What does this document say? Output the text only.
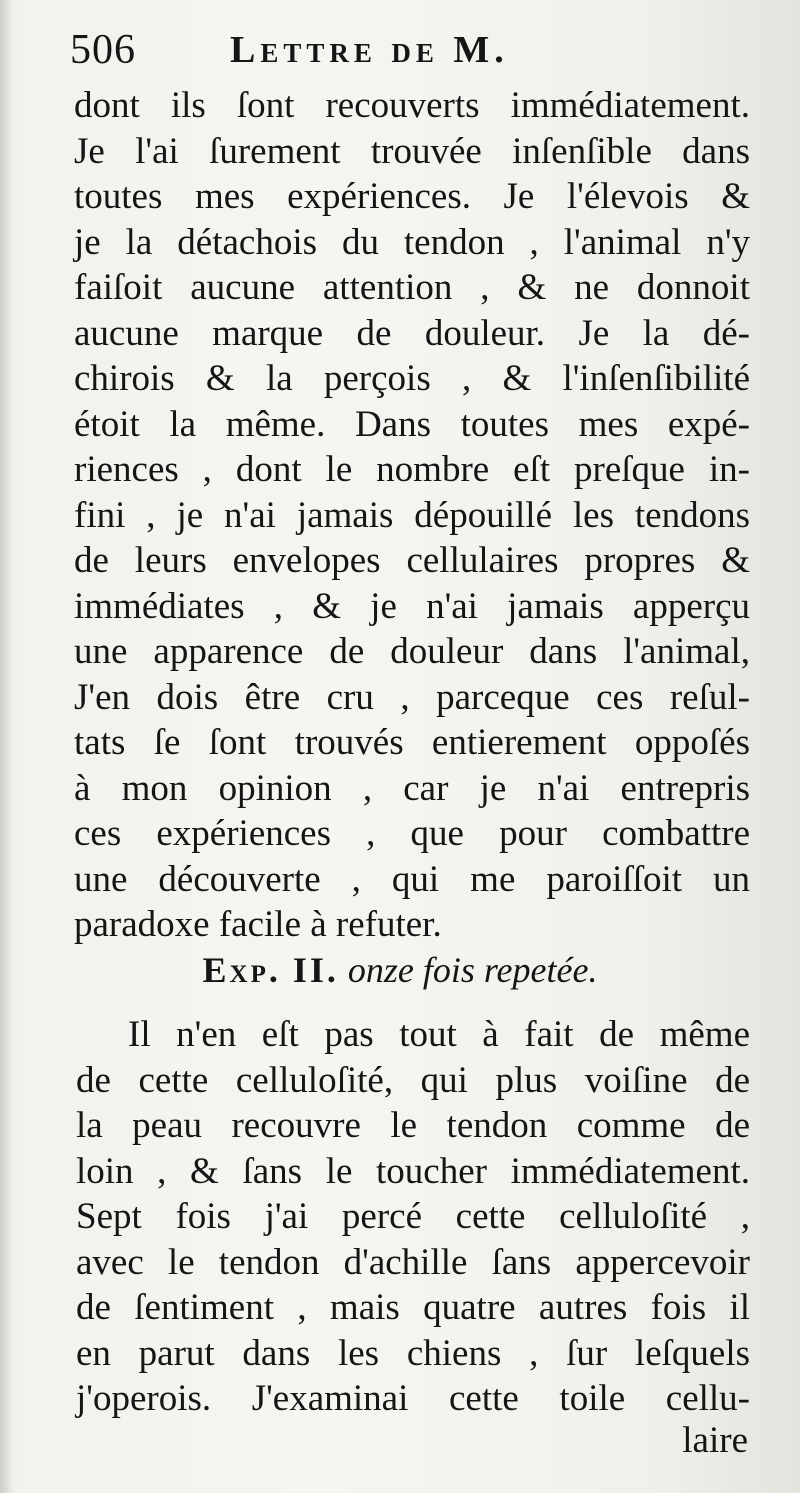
506 Lettre de M.
dont ils ſont recouverts immédiatement.
Je l'ai ſurement trouvée inſenſible dans
toutes mes expériences. Je l'élevois &
je la détachois du tendon , l'animal n'y
faiſoit aucune attention , & ne donnoit
aucune marque de douleur. Je la dé-
chirois & la perçois , & l'inſenſibilité
étoit la même. Dans toutes mes expé-
riences , dont le nombre eſt preſque in-
fini , je n'ai jamais dépouillé les tendons
de leurs envelopes cellulaires propres &
immédiates , & je n'ai jamais apperçu
une apparence de douleur dans l'animal,
J'en dois être cru , parceque ces reſul-
tats ſe ſont trouvés entierement oppoſés
à mon opinion , car je n'ai entrepris
ces expériences , que pour combattre
une découverte , qui me paroiſſoit un
paradoxe facile à refuter.
Exp. II. onze fois repetée.
Il n'en eſt pas tout à fait de même
de cette celluloſité, qui plus voiſine de
la peau recouvre le tendon comme de
loin , & ſans le toucher immédiatement.
Sept fois j'ai percé cette celluloſité ,
avec le tendon d'achille ſans appercevoir
de ſentiment , mais quatre autres fois il
en parut dans les chiens , ſur leſquels
j'operois. J'examinai cette toile cellu-
laire
